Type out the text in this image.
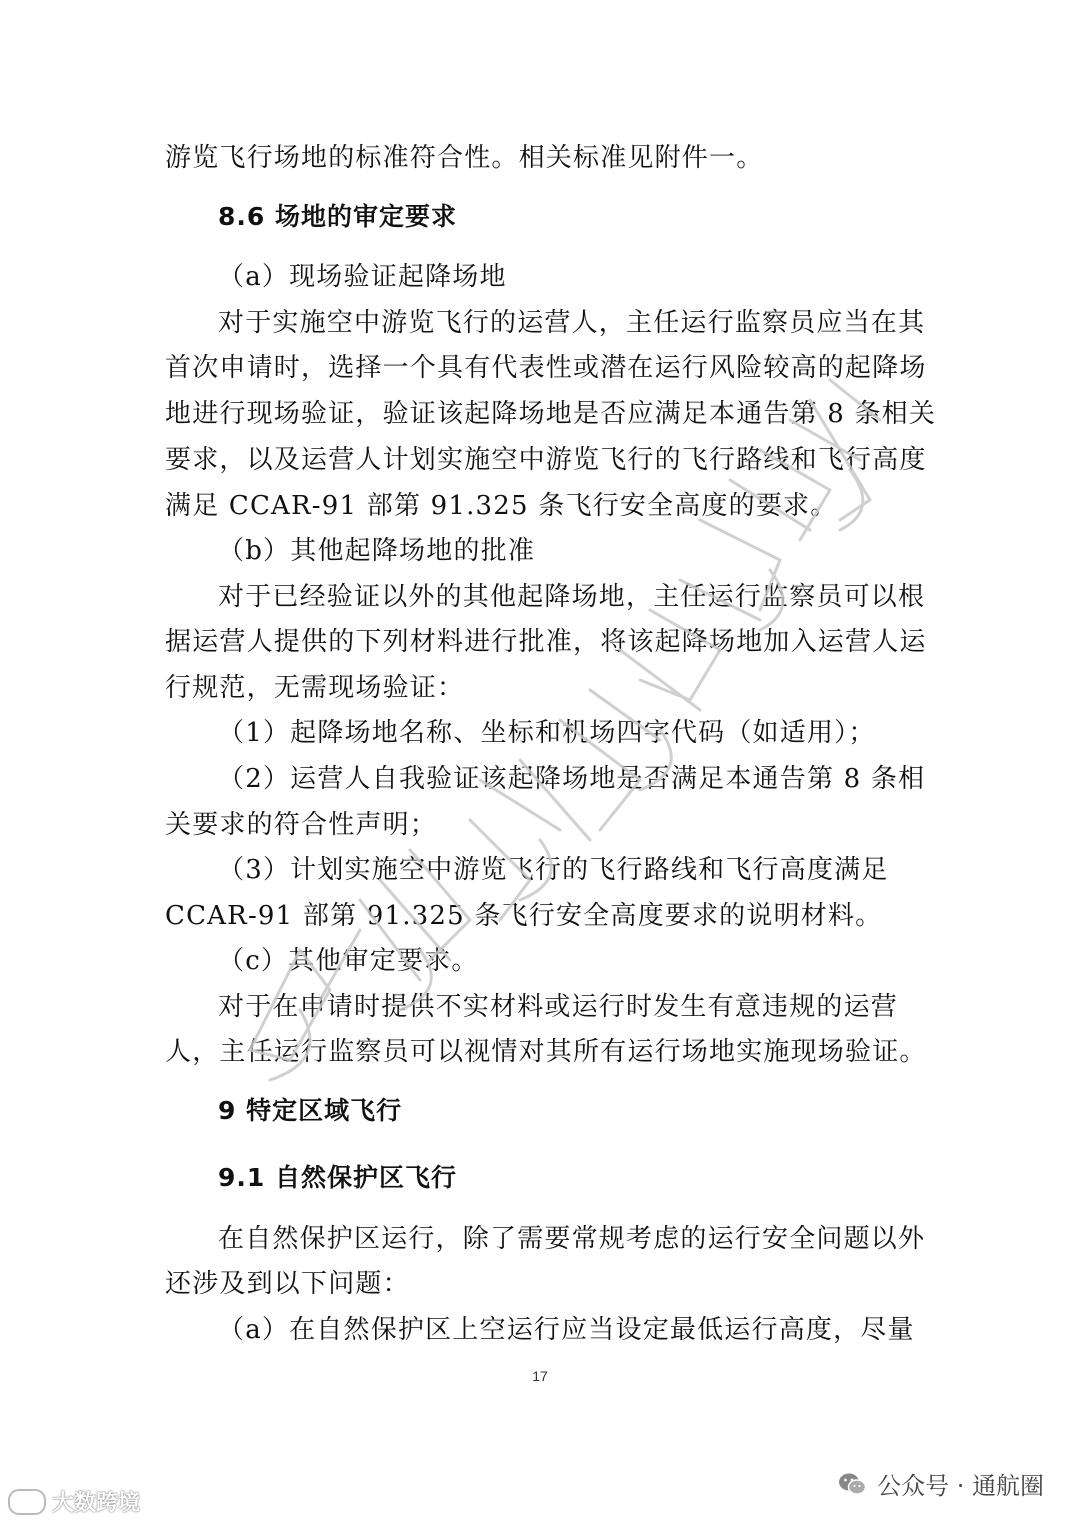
游览飞行场地的标准符合性。相关标准见附件一。
8.6 场地的审定要求
（a）现场验证起降场地
对于实施空中游览飞行的运营人，主任运行监察员应当在其
首次申请时，选择一个具有代表性或潜在运行风险较高的起降场
地进行现场验证，验证该起降场地是否应满足本通告第 8 条相关
要求，以及运营人计划实施空中游览飞行的飞行路线和飞行高度
满足 CCAR-91 部第 91.325 条飞行安全高度的要求。
（b）其他起降场地的批准
对于已经验证以外的其他起降场地，主任运行监察员可以根
据运营人提供的下列材料进行批准，将该起降场地加入运营人运
行规范，无需现场验证：
（1）起降场地名称、坐标和机场四字代码（如适用）；
（2）运营人自我验证该起降场地是否满足本通告第 8 条相
关要求的符合性声明；
（3）计划实施空中游览飞行的飞行路线和飞行高度满足
CCAR-91 部第 91.325 条飞行安全高度要求的说明材料。
（c）其他审定要求。
对于在申请时提供不实材料或运行时发生有意违规的运营
人，主任运行监察员可以视情对其所有运行场地实施现场验证。
9 特定区域飞行
9.1 自然保护区飞行
在自然保护区运行，除了需要常规考虑的运行安全问题以外
还涉及到以下问题：
（a）在自然保护区上空运行应当设定最低运行高度，尽量
17
大数跨境
公众号 · 通航圈
